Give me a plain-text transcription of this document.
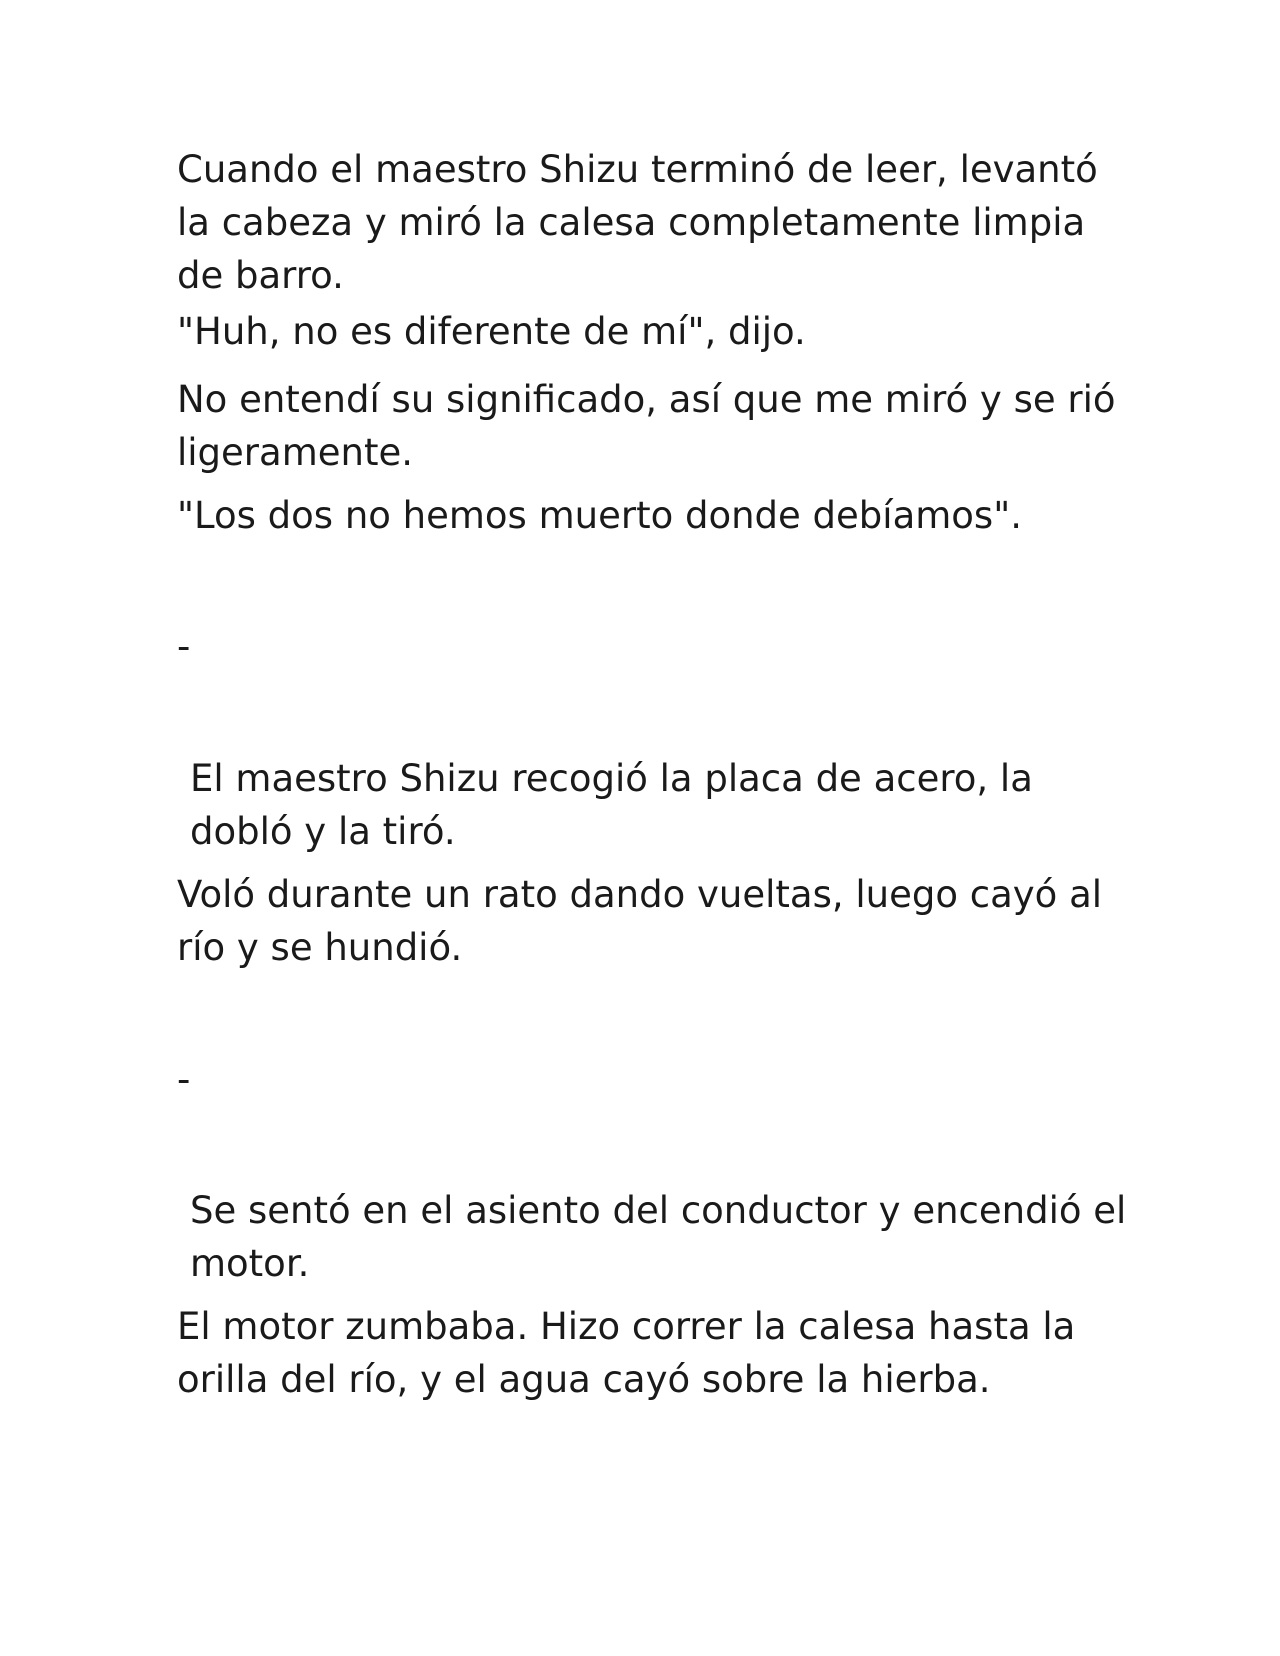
Cuando el maestro Shizu terminó de leer, levantó la cabeza y miró la calesa completamente limpia de barro.

"Huh, no es diferente de mí", dijo.

No entendí su significado, así que me miró y se rió ligeramente.

"Los dos no hemos muerto donde debíamos".

-

El maestro Shizu recogió la placa de acero, la dobló y la tiró.

Voló durante un rato dando vueltas, luego cayó al río y se hundió.

-

Se sentó en el asiento del conductor y encendió el motor.

El motor zumbaba. Hizo correr la calesa hasta la orilla del río, y el agua cayó sobre la hierba.
